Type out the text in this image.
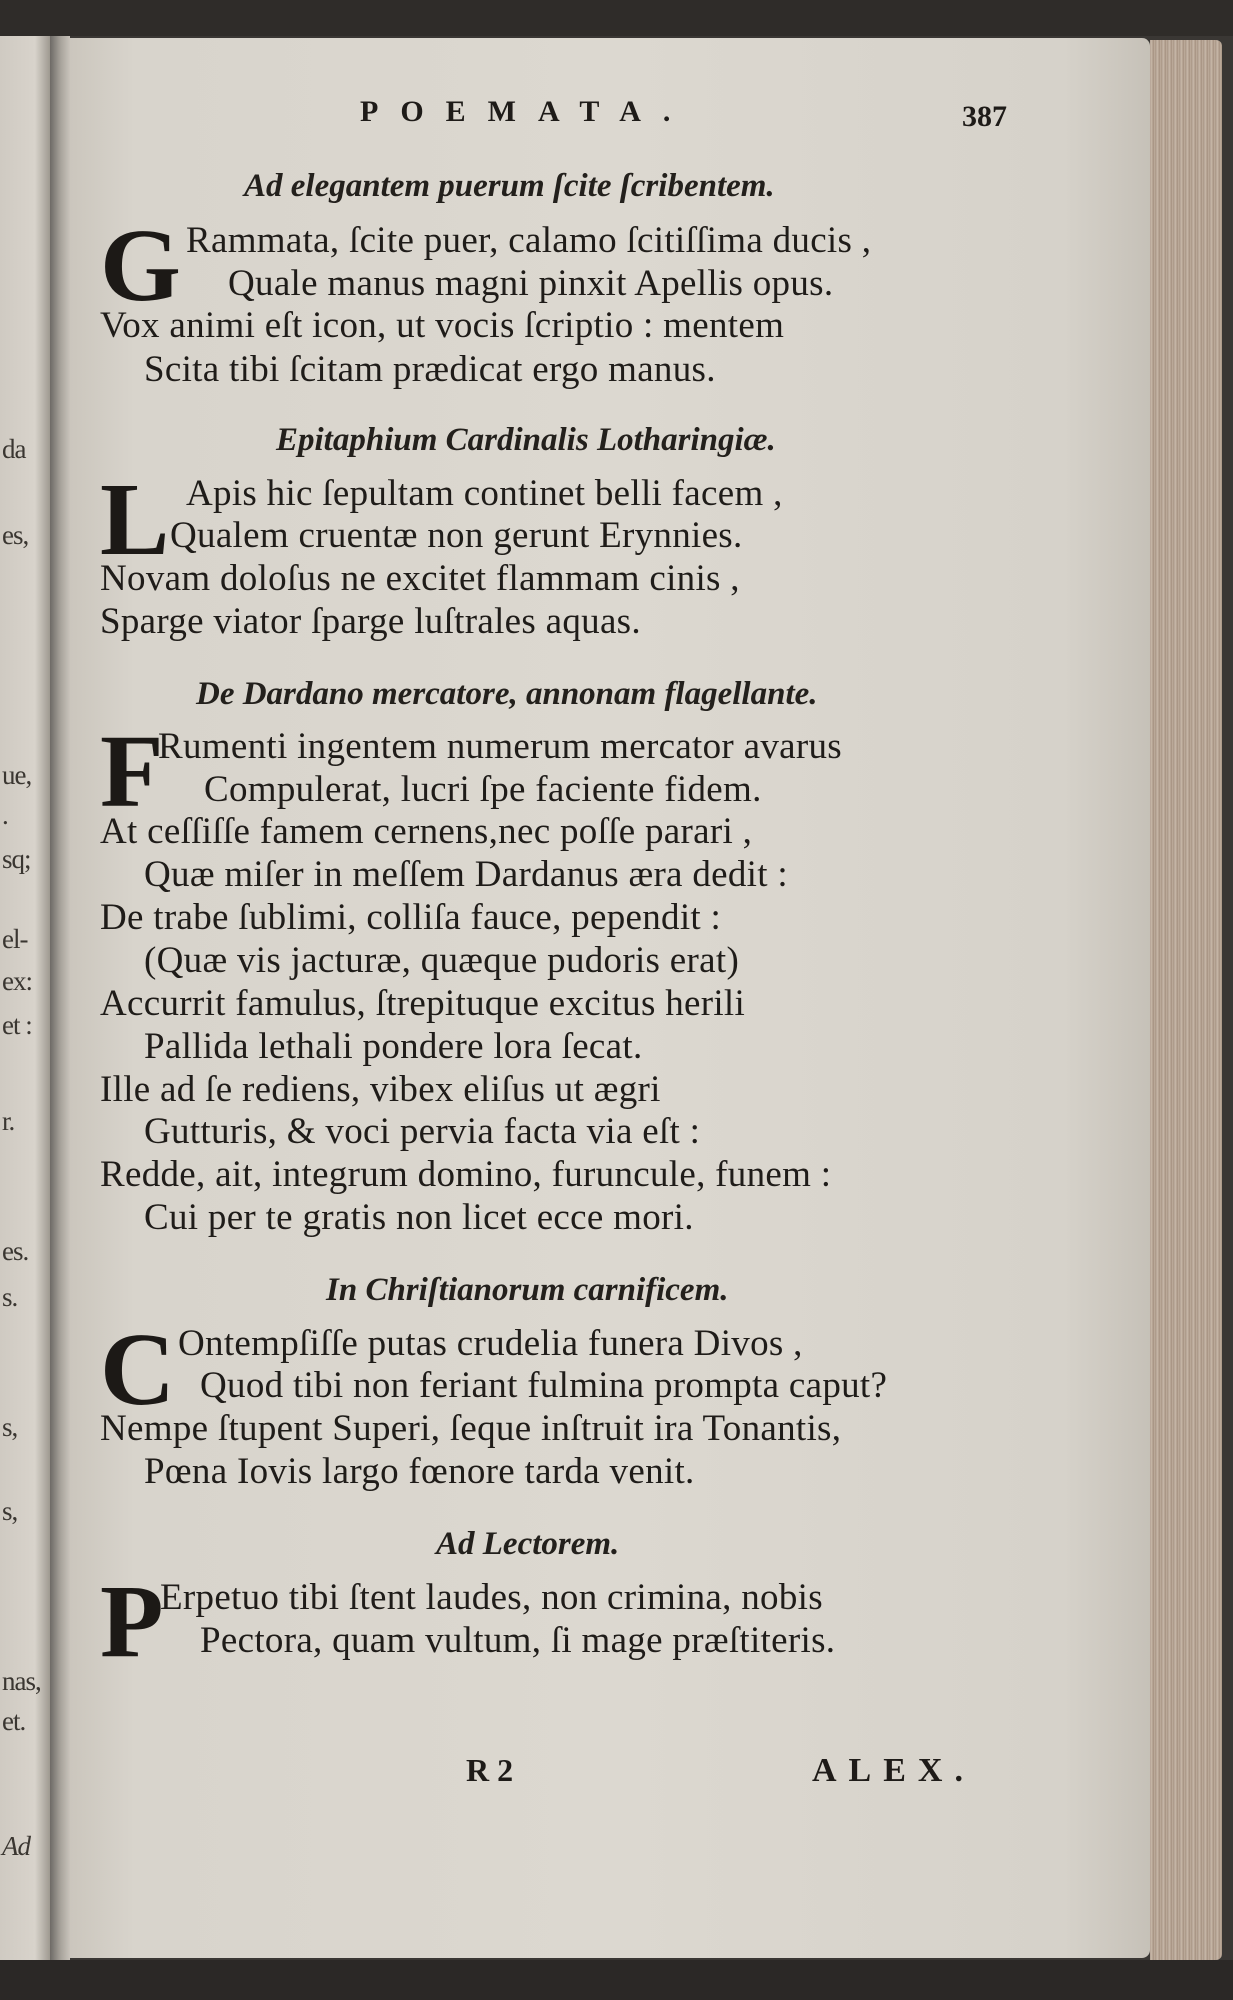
da
es,
ue,
.
sq;
el-
ex:
et :
r.
es.
s.
s,
s,
nas,
et.
Ad
POEMATA.	387
Ad elegantem puerum ſcite ſcribentem.
G Rammata, ſcite puer, calamo ſcitiſſima ducis ,
Quale manus magni pinxit Apellis opus.
Vox animi eſt icon, ut vocis ſcriptio : mentem
Scita tibi ſcitam prædicat ergo manus.
Epitaphium Cardinalis Lotharingiæ.
L Apis hic ſepultam continet belli facem ,
Qualem cruentæ non gerunt Erynnies.
Novam doloſus ne excitet flammam cinis ,
Sparge viator ſparge luſtrales aquas.
De Dardano mercatore, annonam flagellante.
F
Rumenti ingentem numerum mercator avarus
Compulerat, lucri ſpe faciente fidem.
At ceſſiſſe famem cernens,nec poſſe parari ,
Quæ miſer in meſſem Dardanus æra dedit :
De trabe ſublimi, colliſa fauce, pependit :
(Quæ vis jacturæ, quæque pudoris erat)
Accurrit famulus, ſtrepituque excitus herili
Pallida lethali pondere lora ſecat.
Ille ad ſe rediens, vibex eliſus ut ægri
Gutturis, & voci pervia facta via eſt :
Redde, ait, integrum domino, furuncule, funem :
Cui per te gratis non licet ecce mori.
In Chriſtianorum carnificem.
C Ontempſiſſe putas crudelia funera Divos ,
Quod tibi non feriant fulmina prompta caput?
Nempe ſtupent Superi, ſeque inſtruit ira Tonantis,
Pœna Iovis largo fœnore tarda venit.
Ad Lectorem.
P
Erpetuo tibi ſtent laudes, non crimina, nobis
Pectora, quam vultum, ſi mage præſtiteris.
R 2	ALEX.
